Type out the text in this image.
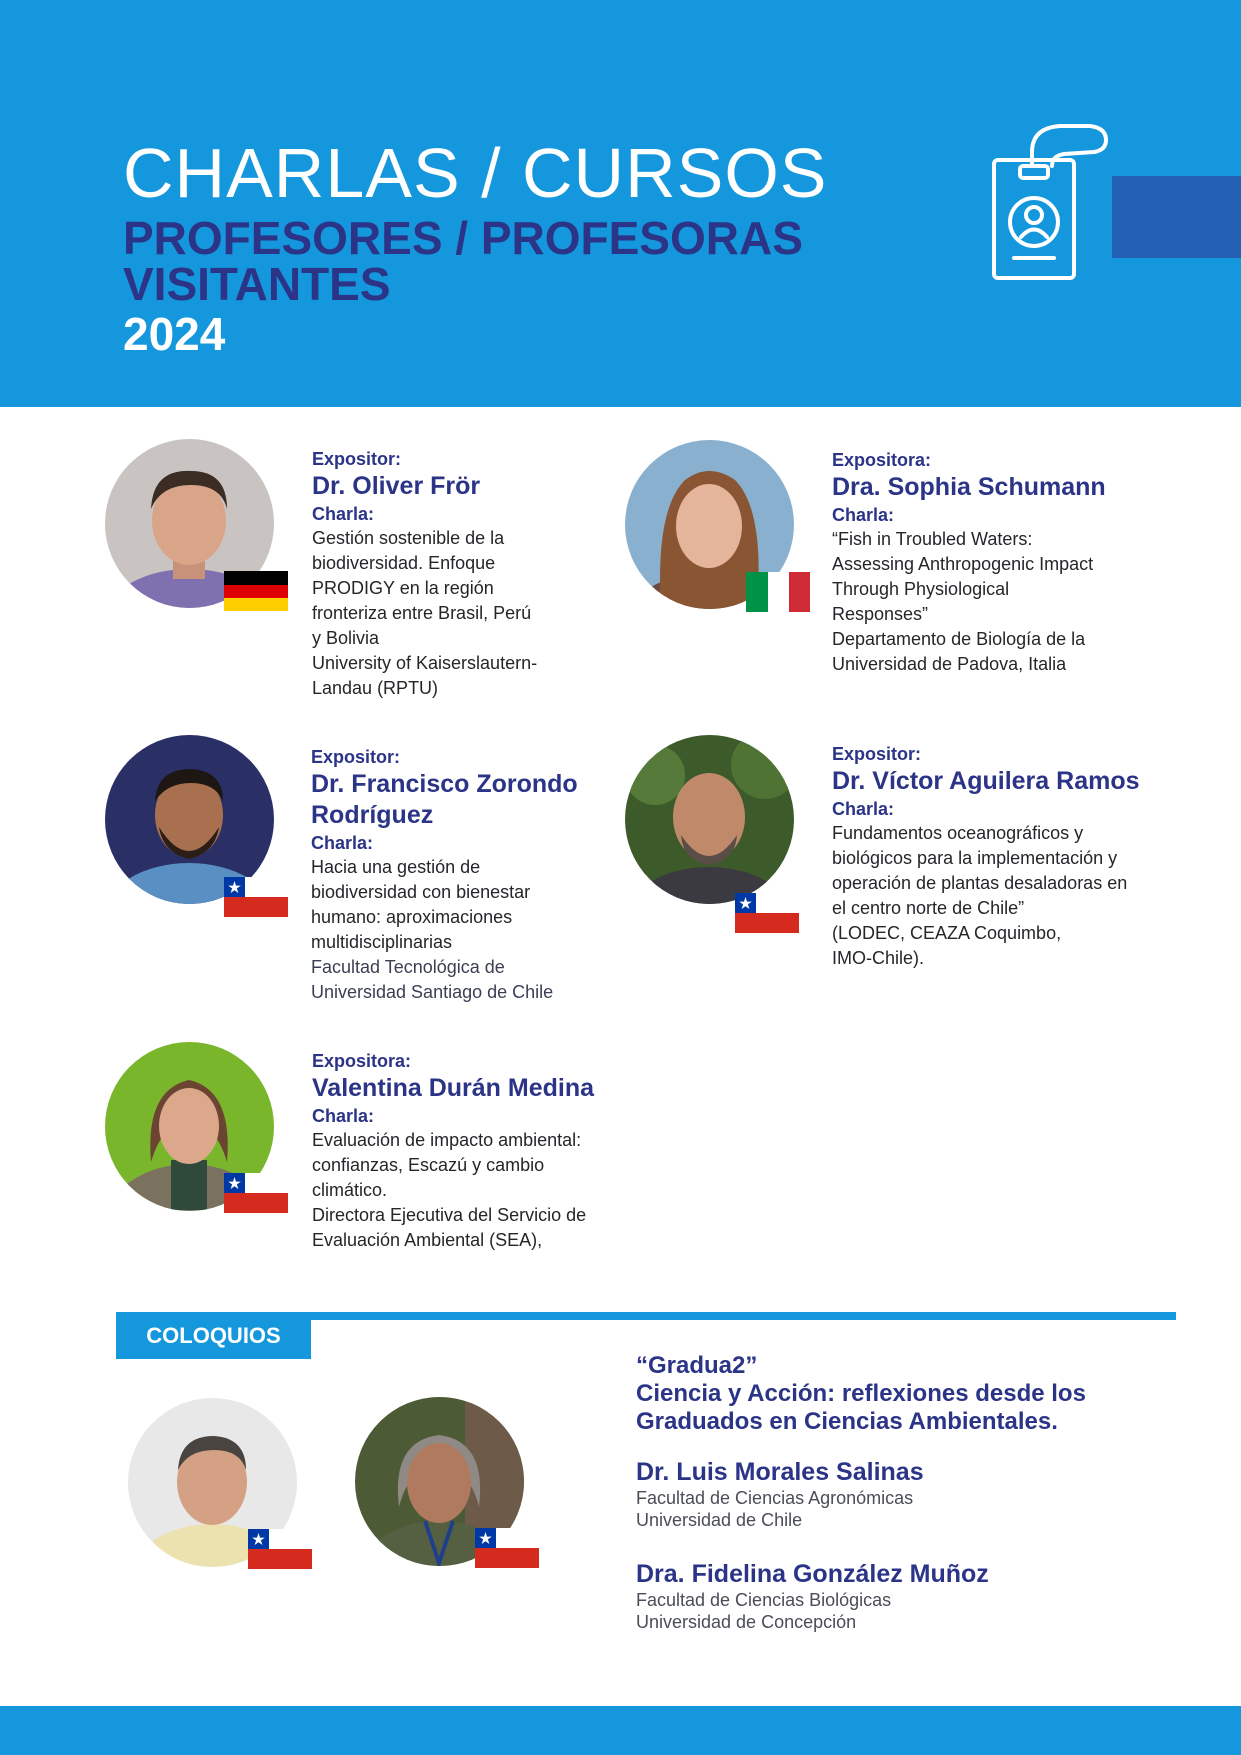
CHARLAS / CURSOS
PROFESORES / PROFESORAS
VISITANTES
2024
Expositor:
Dr. Oliver Frör
Charla:
Gestión sostenible de la
biodiversidad. Enfoque
PRODIGY en la región
fronteriza entre Brasil, Perú
y Bolivia
University of Kaiserslautern-
Landau (RPTU)
Expositora:
Dra. Sophia Schumann
Charla:
“Fish in Troubled Waters:
Assessing Anthropogenic Impact
Through Physiological
Responses”
Departamento de Biología de la
Universidad de Padova, Italia
Expositor:
Dr. Francisco Zorondo
Rodríguez
Charla:
Hacia una gestión de
biodiversidad con bienestar
humano: aproximaciones
multidisciplinarias
Facultad Tecnológica de
Universidad Santiago de Chile
Expositor:
Dr. Víctor Aguilera Ramos
Charla:
Fundamentos oceanográficos y
biológicos para la implementación y
operación de plantas desaladoras en
el centro norte de Chile”
(LODEC, CEAZA Coquimbo,
IMO-Chile).
Expositora:
Valentina Durán Medina
Charla:
Evaluación de impacto ambiental:
confianzas, Escazú y cambio
climático.
Directora Ejecutiva del Servicio de
Evaluación Ambiental (SEA),
COLOQUIOS
“Gradua2”
Ciencia y Acción: reflexiones desde los
Graduados en Ciencias Ambientales.
Dr. Luis Morales Salinas
Facultad de Ciencias Agronómicas
Universidad de Chile
Dra. Fidelina González Muñoz
Facultad de Ciencias Biológicas
Universidad de Concepción
